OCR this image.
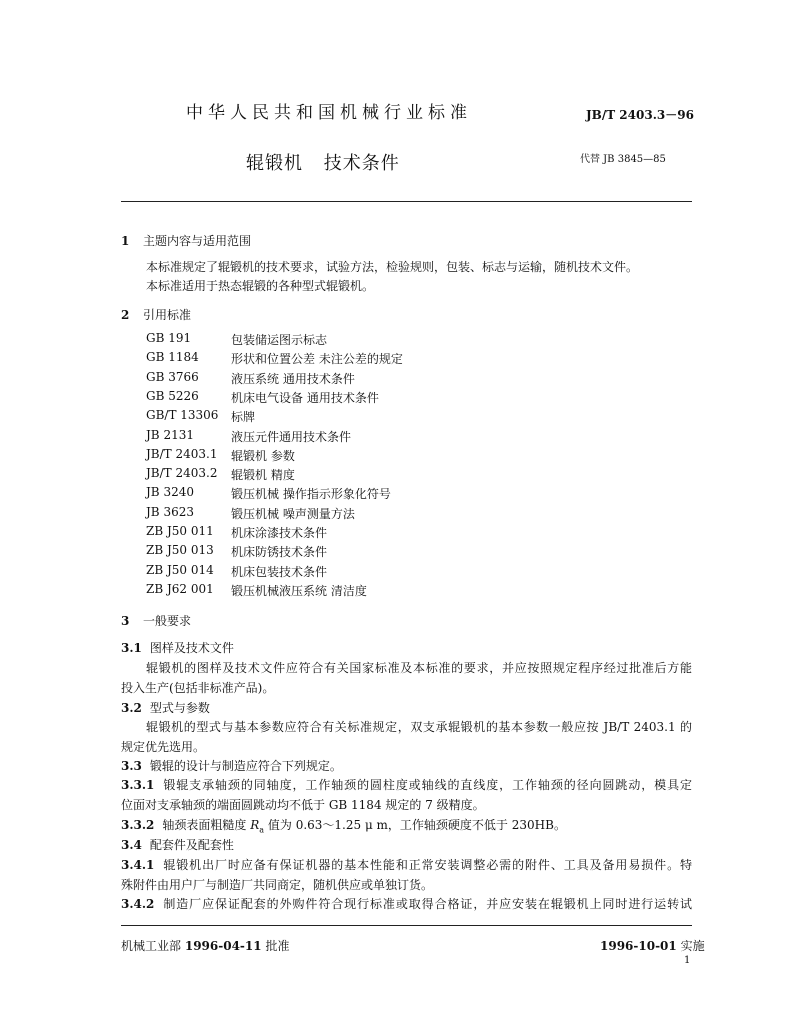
中华人民共和国机械行业标准	JB/T 2403.3－96
辊锻机 技术条件	代替 JB 3845—85
1 主题内容与适用范围
本标准规定了辊锻机的技术要求，试验方法，检验规则，包装、标志与运输，随机技术文件。
本标准适用于热态辊锻的各种型式辊锻机。
2 引用标准
GB 191	包装储运图示标志
GB 1184	形状和位置公差 未注公差的规定
GB 3766	液压系统 通用技术条件
GB 5226	机床电气设备 通用技术条件
GB/T 13306 标牌
JB 2131	液压元件通用技术条件
JB/T 2403.1 辊锻机 参数
JB/T 2403.2 辊锻机 精度
JB 3240	锻压机械 操作指示形象化符号
JB 3623	锻压机械 噪声测量方法
ZB J50 011 机床涂漆技术条件
ZB J50 013 机床防锈技术条件
ZB J50 014 机床包装技术条件
ZB J62 001 锻压机械液压系统 清洁度
3 一般要求
3.1 图样及技术文件
辊锻机的图样及技术文件应符合有关国家标准及本标准的要求，并应按照规定程序经过批准后方能
投入生产(包括非标准产品)。
3.2 型式与参数
辊锻机的型式与基本参数应符合有关标准规定，双支承辊锻机的基本参数一般应按 JB/T 2403.1 的
规定优先选用。
3.3 锻辊的设计与制造应符合下列规定。
3.3.1 锻辊支承轴颈的同轴度，工作轴颈的圆柱度或轴线的直线度，工作轴颈的径向圆跳动，模具定
位面对支承轴颈的端面圆跳动均不低于 GB 1184 规定的 7 级精度。
3.3.2 轴颈表面粗糙度 $R_a$ 值为 0.63～1.25 μ m，工作轴颈硬度不低于 230HB。
3.4 配套件及配套性
3.4.1 辊锻机出厂时应备有保证机器的基本性能和正常安装调整必需的附件、工具及备用易损件。特
殊附件由用户厂与制造厂共同商定，随机供应或单独订货。
3.4.2 制造厂应保证配套的外购件符合现行标准或取得合格证，并应安装在辊锻机上同时进行运转试
机械工业部 1996-04-11 批准	1996-10-01 实施
1
